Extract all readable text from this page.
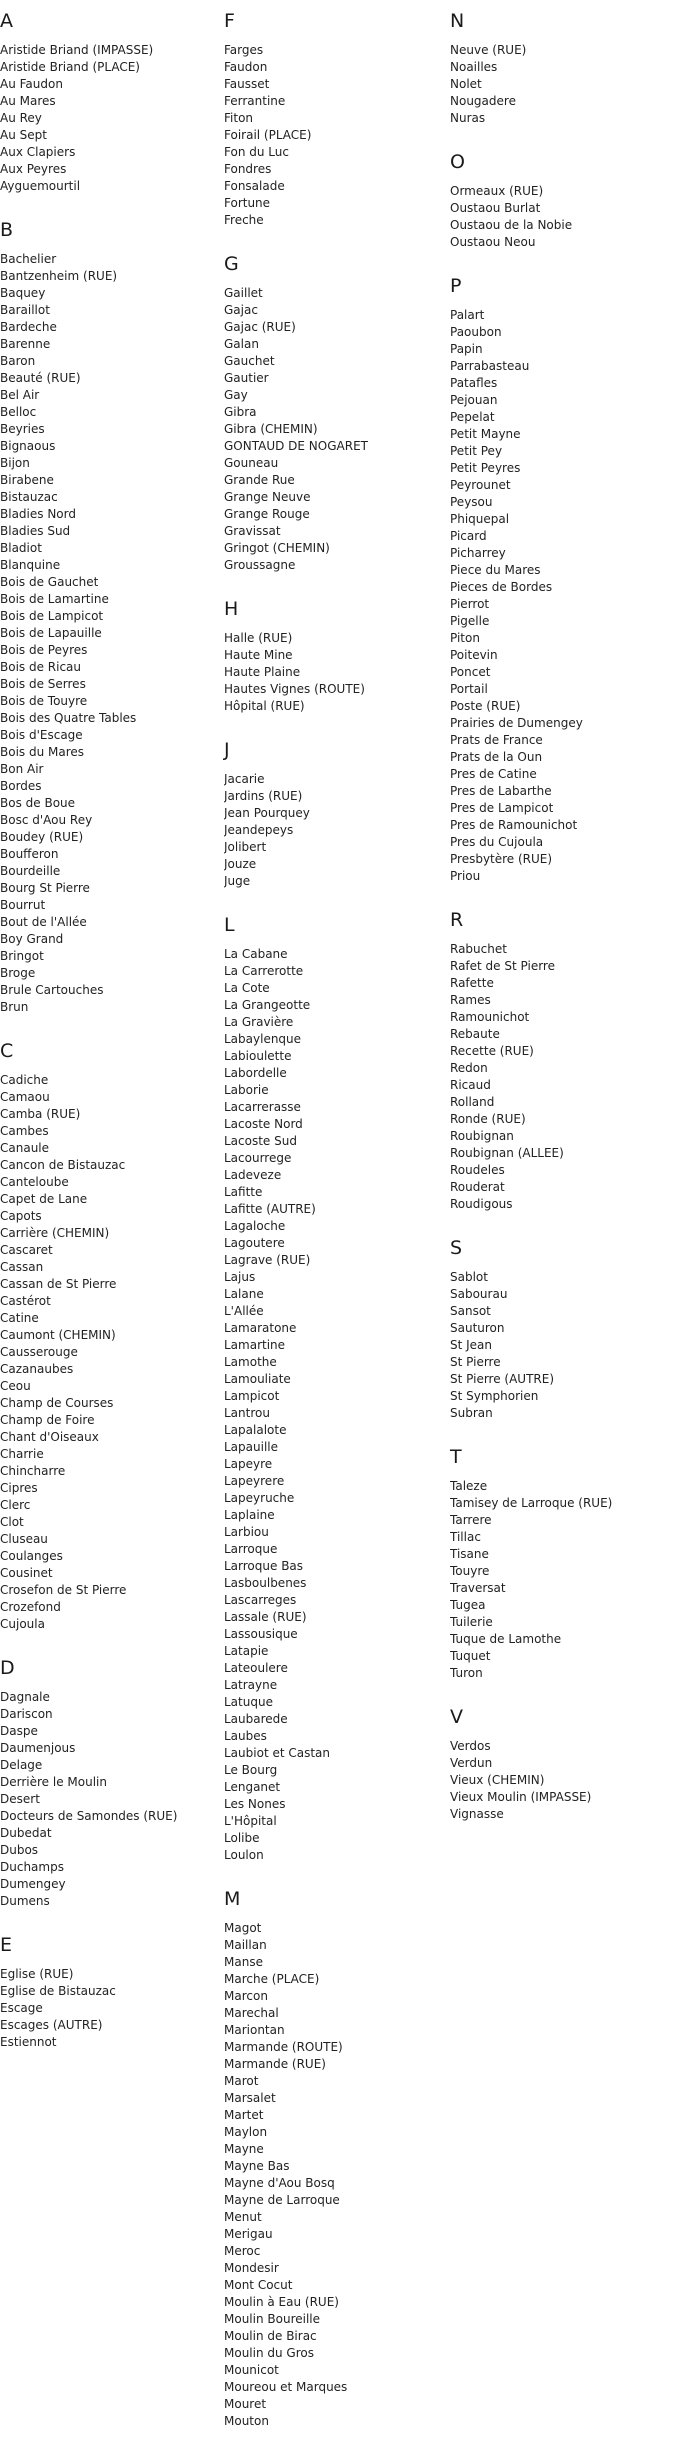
A
Aristide Briand (IMPASSE)
Aristide Briand (PLACE)
Au Faudon
Au Mares
Au Rey
Au Sept
Aux Clapiers
Aux Peyres
Ayguemourtil
B
Bachelier
Bantzenheim (RUE)
Baquey
Baraillot
Bardeche
Barenne
Baron
Beauté (RUE)
Bel Air
Belloc
Beyries
Bignaous
Bijon
Birabene
Bistauzac
Bladies Nord
Bladies Sud
Bladiot
Blanquine
Bois de Gauchet
Bois de Lamartine
Bois de Lampicot
Bois de Lapauille
Bois de Peyres
Bois de Ricau
Bois de Serres
Bois de Touyre
Bois des Quatre Tables
Bois d'Escage
Bois du Mares
Bon Air
Bordes
Bos de Boue
Bosc d'Aou Rey
Boudey (RUE)
Boufferon
Bourdeille
Bourg St Pierre
Bourrut
Bout de l'Allée
Boy Grand
Bringot
Broge
Brule Cartouches
Brun
C
Cadiche
Camaou
Camba (RUE)
Cambes
Canaule
Cancon de Bistauzac
Canteloube
Capet de Lane
Capots
Carrière (CHEMIN)
Cascaret
Cassan
Cassan de St Pierre
Castérot
Catine
Caumont (CHEMIN)
Causserouge
Cazanaubes
Ceou
Champ de Courses
Champ de Foire
Chant d'Oiseaux
Charrie
Chincharre
Cipres
Clerc
Clot
Cluseau
Coulanges
Cousinet
Crosefon de St Pierre
Crozefond
Cujoula
D
Dagnale
Dariscon
Daspe
Daumenjous
Delage
Derrière le Moulin
Desert
Docteurs de Samondes (RUE)
Dubedat
Dubos
Duchamps
Dumengey
Dumens
E
Eglise (RUE)
Eglise de Bistauzac
Escage
Escages (AUTRE)
Estiennot
F
Farges
Faudon
Fausset
Ferrantine
Fiton
Foirail (PLACE)
Fon du Luc
Fondres
Fonsalade
Fortune
Freche
G
Gaillet
Gajac
Gajac (RUE)
Galan
Gauchet
Gautier
Gay
Gibra
Gibra (CHEMIN)
GONTAUD DE NOGARET
Gouneau
Grande Rue
Grange Neuve
Grange Rouge
Gravissat
Gringot (CHEMIN)
Groussagne
H
Halle (RUE)
Haute Mine
Haute Plaine
Hautes Vignes (ROUTE)
Hôpital (RUE)
J
Jacarie
Jardins (RUE)
Jean Pourquey
Jeandepeys
Jolibert
Jouze
Juge
L
La Cabane
La Carrerotte
La Cote
La Grangeotte
La Gravière
Labaylenque
Labioulette
Labordelle
Laborie
Lacarrerasse
Lacoste Nord
Lacoste Sud
Lacourrege
Ladeveze
Lafitte
Lafitte (AUTRE)
Lagaloche
Lagoutere
Lagrave (RUE)
Lajus
Lalane
L'Allée
Lamaratone
Lamartine
Lamothe
Lamouliate
Lampicot
Lantrou
Lapalalote
Lapauille
Lapeyre
Lapeyrere
Lapeyruche
Laplaine
Larbiou
Larroque
Larroque Bas
Lasboulbenes
Lascarreges
Lassale (RUE)
Lassousique
Latapie
Lateoulere
Latrayne
Latuque
Laubarede
Laubes
Laubiot et Castan
Le Bourg
Lenganet
Les Nones
L'Hôpital
Lolibe
Loulon
M
Magot
Maillan
Manse
Marche (PLACE)
Marcon
Marechal
Mariontan
Marmande (ROUTE)
Marmande (RUE)
Marot
Marsalet
Martet
Maylon
Mayne
Mayne Bas
Mayne d'Aou Bosq
Mayne de Larroque
Menut
Merigau
Meroc
Mondesir
Mont Cocut
Moulin à Eau (RUE)
Moulin Boureille
Moulin de Birac
Moulin du Gros
Mounicot
Moureou et Marques
Mouret
Mouton
N
Neuve (RUE)
Noailles
Nolet
Nougadere
Nuras
O
Ormeaux (RUE)
Oustaou Burlat
Oustaou de la Nobie
Oustaou Neou
P
Palart
Paoubon
Papin
Parrabasteau
Patafles
Pejouan
Pepelat
Petit Mayne
Petit Pey
Petit Peyres
Peyrounet
Peysou
Phiquepal
Picard
Picharrey
Piece du Mares
Pieces de Bordes
Pierrot
Pigelle
Piton
Poitevin
Poncet
Portail
Poste (RUE)
Prairies de Dumengey
Prats de France
Prats de la Oun
Pres de Catine
Pres de Labarthe
Pres de Lampicot
Pres de Ramounichot
Pres du Cujoula
Presbytère (RUE)
Priou
R
Rabuchet
Rafet de St Pierre
Rafette
Rames
Ramounichot
Rebaute
Recette (RUE)
Redon
Ricaud
Rolland
Ronde (RUE)
Roubignan
Roubignan (ALLEE)
Roudeles
Rouderat
Roudigous
S
Sablot
Sabourau
Sansot
Sauturon
St Jean
St Pierre
St Pierre (AUTRE)
St Symphorien
Subran
T
Taleze
Tamisey de Larroque (RUE)
Tarrere
Tillac
Tisane
Touyre
Traversat
Tugea
Tuilerie
Tuque de Lamothe
Tuquet
Turon
V
Verdos
Verdun
Vieux (CHEMIN)
Vieux Moulin (IMPASSE)
Vignasse
